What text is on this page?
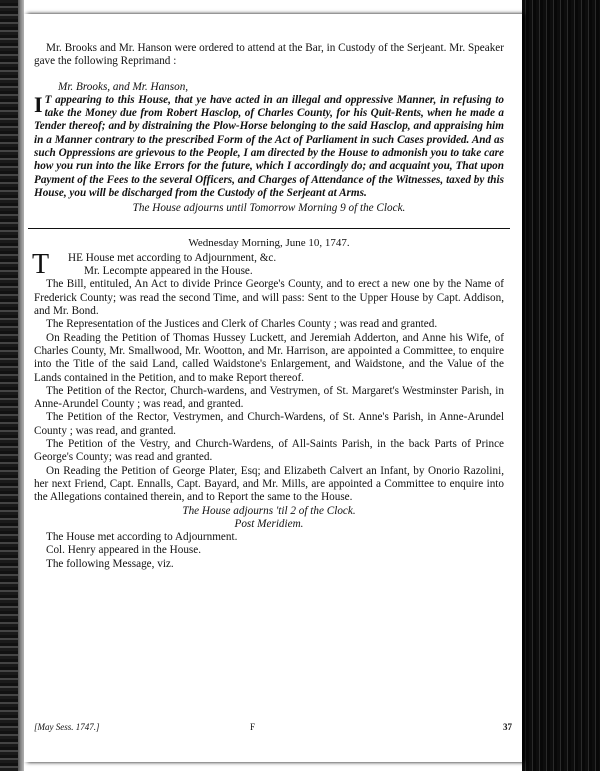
Mr. Brooks and Mr. Hanson were ordered to attend at the Bar, in Custody of the Serjeant. Mr. Speaker gave the following Reprimand :

Mr. Brooks, and Mr. Hanson,

I T appearing to this House, that ye have acted in an illegal and oppressive Manner, in refusing to take the Money due from Robert Hasclop, of Charles County, for his Quit-Rents, when he made a Tender thereof; and by distraining the Plow-Horse belonging to the said Hasclop, and appraising him in a Manner contrary to the prescribed Form of the Act of Parliament in such Cases provided. And as such Oppressions are grievous to the People, I am directed by the House to admonish you to take care how you run into the like Errors for the future, which I accordingly do; and acquaint you, That upon Payment of the Fees to the several Officers, and Charges of Attendance of the Witnesses, taxed by this House, you will be discharged from the Custody of the Serjeant at Arms.

The House adjourns until Tomorrow Morning 9 of the Clock.

Wednesday Morning, June 10, 1747.

T HE House met according to Adjournment, &c.
Mr. Lecompte appeared in the House.

The Bill, entituled, An Act to divide Prince George's County, and to erect a new one by the Name of Frederick County; was read the second Time, and will pass: Sent to the Upper House by Capt. Addison, and Mr. Bond.

The Representation of the Justices and Clerk of Charles County ; was read and granted.

On Reading the Petition of Thomas Hussey Luckett, and Jeremiah Adderton, and Anne his Wife, of Charles County, Mr. Smallwood, Mr. Wootton, and Mr. Harrison, are appointed a Committee, to enquire into the Title of the said Land, called Waidstone's Enlargement, and Waidstone, and the Value of the Lands contained in the Petition, and to make Report thereof.

The Petition of the Rector, Church-wardens, and Vestrymen, of St. Margaret's Westminster Parish, in Anne-Arundel County ; was read, and granted.

The Petition of the Rector, Vestrymen, and Church-Wardens, of St. Anne's Parish, in Anne-Arundel County ; was read, and granted.

The Petition of the Vestry, and Church-Wardens, of All-Saints Parish, in the back Parts of Prince George's County; was read and granted.

On Reading the Petition of George Plater, Esq; and Elizabeth Calvert an Infant, by Onorio Razolini, her next Friend, Capt. Ennalls, Capt. Bayard, and Mr. Mills, are appointed a Committee to enquire into the Allegations contained therein, and to Report the same to the House.

The House adjourns 'til 2 of the Clock.

Post Meridiem.

The House met according to Adjournment.

Col. Henry appeared in the House.

The following Message, viz.

[May Sess. 1747.]	F	37
